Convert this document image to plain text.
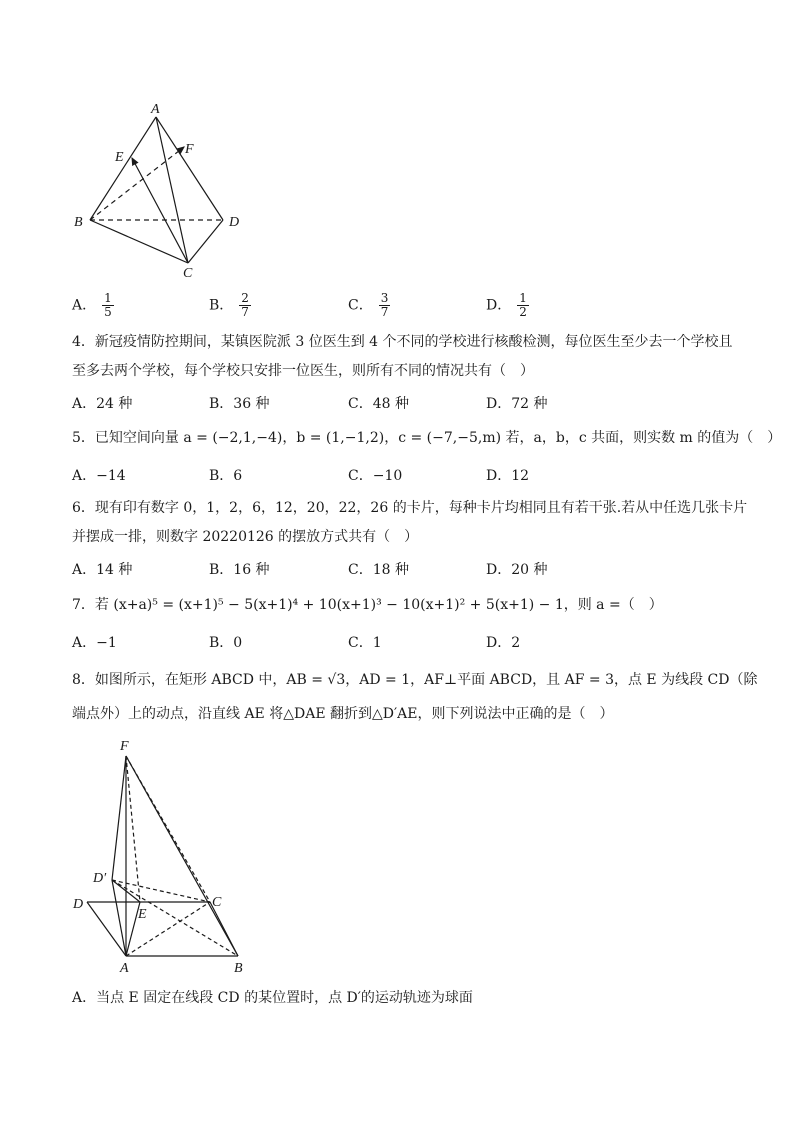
A
E
F
B	D
C
A． $\frac{1}{5}$	B． $\frac{2}{7}$	C． $\frac{3}{7}$	D． $\frac{1}{2}$
4．新冠疫情防控期间，某镇医院派 3 位医生到 4 个不同的学校进行核酸检测，每位医生至少去一个学校且
至多去两个学校，每个学校只安排一位医生，则所有不同的情况共有（　）
A．24 种	B．36 种	C．48 种	D．72 种
5．已知空间向量 a = (−2,1,−4)，b = (1,−1,2)，c = (−7,−5,m) 若，a，b，c 共面，则实数 m 的值为（　）
A．−14	B．6	C．−10	D．12
6．现有印有数字 0，1，2，6，12，20，22，26 的卡片，每种卡片均相同且有若干张.若从中任选几张卡片
并摆成一排，则数字 20220126 的摆放方式共有（　）
A．14 种	B．16 种	C．18 种	D．20 种
7．若 (x+a)⁵ = (x+1)⁵ − 5(x+1)⁴ + 10(x+1)³ − 10(x+1)² + 5(x+1) − 1，则 a =（　）
A．−1	B．0	C．1	D．2
8．如图所示，在矩形 ABCD 中，AB = √3，AD = 1，AF⊥平面 ABCD，且 AF = 3，点 E 为线段 CD（除
端点外）上的动点，沿直线 AE 将△DAE 翻折到△D′AE，则下列说法中正确的是（　）
F
D′
D
E
C
A	B
A．当点 E 固定在线段 CD 的某位置时，点 D′的运动轨迹为球面
